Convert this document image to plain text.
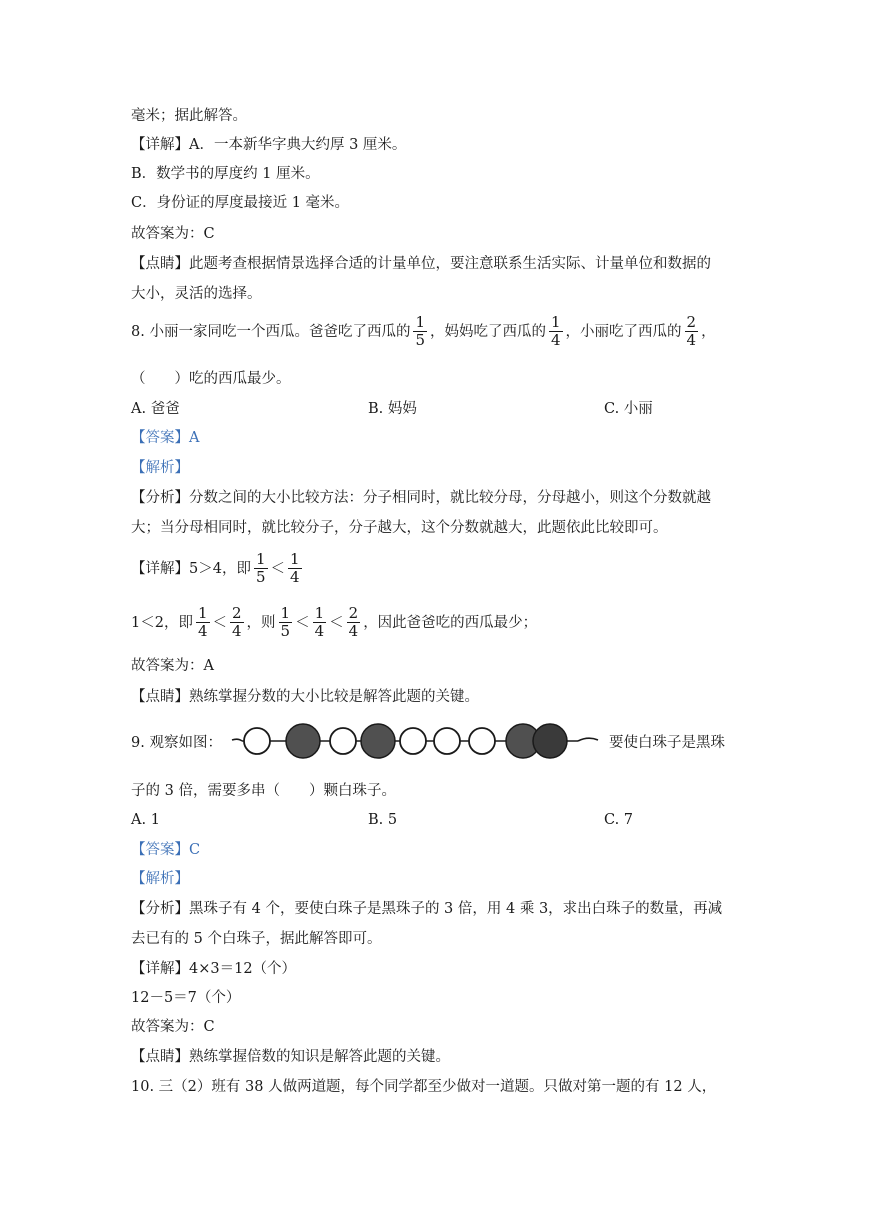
毫米；据此解答。
【详解】A．一本新华字典大约厚 3 厘米。
B．数学书的厚度约 1 厘米。
C．身份证的厚度最接近 1 毫米。
故答案为：C
【点睛】此题考查根据情景选择合适的计量单位，要注意联系生活实际、计量单位和数据的
大小，灵活的选择。
8. 小丽一家同吃一个西瓜。爸爸吃了西瓜的 $\frac{1}{5}$ ，妈妈吃了西瓜的 $\frac{1}{4}$ ，小丽吃了西瓜的 $\frac{2}{4}$ ，
（　　）吃的西瓜最少。
A. 爸爸	B. 妈妈	C. 小丽
【答案】A
【解析】
【分析】分数之间的大小比较方法：分子相同时，就比较分母，分母越小，则这个分数就越
大；当分母相同时，就比较分子，分子越大，这个分数就越大，此题依此比较即可。
【详解】5＞4，即 $\frac{1}{5} < \frac{1}{4}$
1＜2，即 $\frac{1}{4} < \frac{2}{4}$ ，则 $\frac{1}{5} < \frac{1}{4} < \frac{2}{4}$ ，因此爸爸吃的西瓜最少；
故答案为：A
【点睛】熟练掌握分数的大小比较是解答此题的关键。
9. 观察如图：	要使白珠子是黑珠
子的 3 倍，需要多串（　　）颗白珠子。
A. 1	B. 5	C. 7
【答案】C
【解析】
【分析】黑珠子有 4 个，要使白珠子是黑珠子的 3 倍，用 4 乘 3，求出白珠子的数量，再减
去已有的 5 个白珠子，据此解答即可。
【详解】4×3＝12（个）
12－5＝7（个）
故答案为：C
【点睛】熟练掌握倍数的知识是解答此题的关键。
10. 三（2）班有 38 人做两道题，每个同学都至少做对一道题。只做对第一题的有 12 人，
